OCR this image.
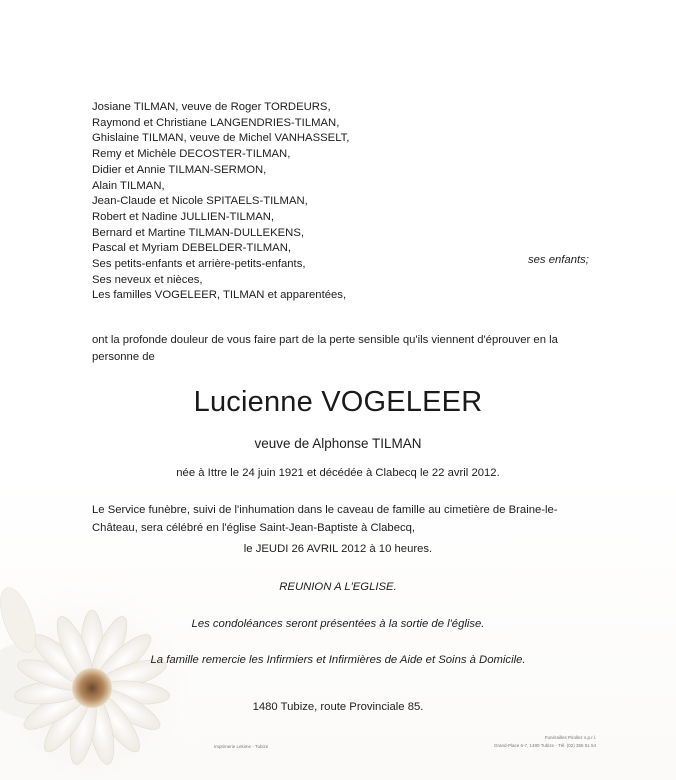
Josiane TILMAN, veuve de Roger TORDEURS,
Raymond et Christiane LANGENDRIES-TILMAN,
Ghislaine TILMAN, veuve de Michel VANHASSELT,
Remy et Michèle DECOSTER-TILMAN,
Didier et Annie TILMAN-SERMON,
Alain TILMAN,
Jean-Claude et Nicole SPITAELS-TILMAN,
Robert et Nadine JULLIEN-TILMAN,
Bernard et Martine TILMAN-DULLEKENS,
Pascal et Myriam DEBELDER-TILMAN,
Ses petits-enfants et arrière-petits-enfants,
Ses neveux et nièces,
Les familles VOGELEER, TILMAN et apparentées,
ses enfants;
ont la profonde douleur de vous faire part de la perte sensible qu'ils viennent d'éprouver en la personne de
Lucienne VOGELEER
veuve de Alphonse TILMAN
née à Ittre le 24 juin 1921 et décédée à Clabecq le 22 avril 2012.
Le Service funèbre, suivi de l'inhumation dans le caveau de famille au cimetière de Braine-le-Château, sera célébré en l'église Saint-Jean-Baptiste à Clabecq,
le JEUDI 26 AVRIL 2012 à 10 heures.
REUNION A L'EGLISE.
Les condoléances seront présentées à la sortie de l'église.
La famille remercie les Infirmiers et Infirmières de Aide et Soins à Domicile.
1480 Tubize, route Provinciale 85.
Imprimerie Lekime - Tubize
Funérailles Pirollez s.p.r.l.
Grand-Place 6-7, 1480 Tubize - Tél. (02) 355 51 54
